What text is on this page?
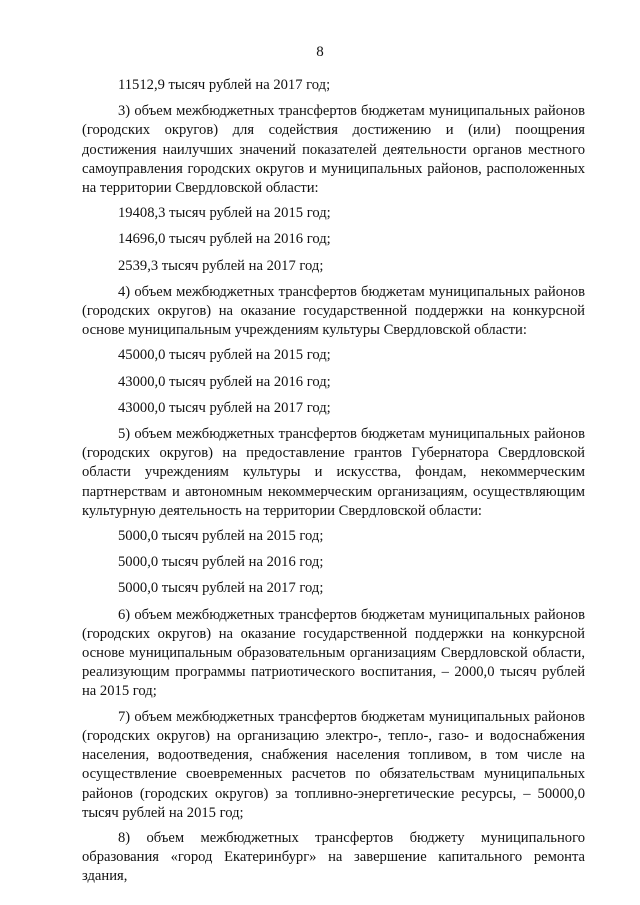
8

11512,9 тысяч рублей на 2017 год;

3) объем межбюджетных трансфертов бюджетам муниципальных районов (городских округов) для содействия достижению и (или) поощрения достижения наилучших значений показателей деятельности органов местного самоуправления городских округов и муниципальных районов, расположенных на территории Свердловской области:

19408,3 тысяч рублей на 2015 год;

14696,0 тысяч рублей на 2016 год;

2539,3 тысяч рублей на 2017 год;

4) объем межбюджетных трансфертов бюджетам муниципальных районов (городских округов) на оказание государственной поддержки на конкурсной основе муниципальным учреждениям культуры Свердловской области:

45000,0 тысяч рублей на 2015 год;

43000,0 тысяч рублей на 2016 год;

43000,0 тысяч рублей на 2017 год;

5) объем межбюджетных трансфертов бюджетам муниципальных районов (городских округов) на предоставление грантов Губернатора Свердловской области учреждениям культуры и искусства, фондам, некоммерческим партнерствам и автономным некоммерческим организациям, осуществляющим культурную деятельность на территории Свердловской области:

5000,0 тысяч рублей на 2015 год;

5000,0 тысяч рублей на 2016 год;

5000,0 тысяч рублей на 2017 год;

6) объем межбюджетных трансфертов бюджетам муниципальных районов (городских округов) на оказание государственной поддержки на конкурсной основе муниципальным образовательным организациям Свердловской области, реализующим программы патриотического воспитания, – 2000,0 тысяч рублей на 2015 год;

7) объем межбюджетных трансфертов бюджетам муниципальных районов (городских округов) на организацию электро-, тепло-, газо- и водоснабжения населения, водоотведения, снабжения населения топливом, в том числе на осуществление своевременных расчетов по обязательствам муниципальных районов (городских округов) за топливно-энергетические ресурсы, – 50000,0 тысяч рублей на 2015 год;

8) объем межбюджетных трансфертов бюджету муниципального образования «город Екатеринбург» на завершение капитального ремонта здания,
